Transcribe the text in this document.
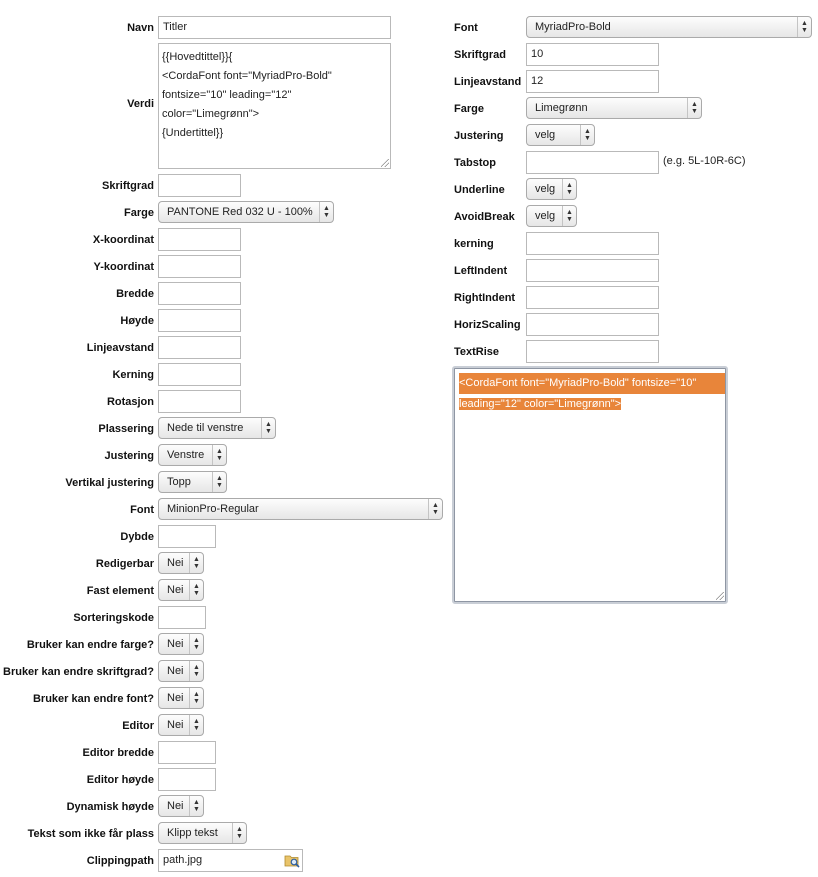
Navn Titler
Verdi
{{Hovedtittel}}{
<CordaFont font="MyriadPro-Bold"
fontsize="10" leading="12" color="Limegrønn">
{Undertittel}}
Skriftgrad
Farge	PANTONE Red 032 U - 100%	▲
▼
X-koordinat
Y-koordinat
Bredde
Høyde
Linjeavstand
Kerning
Rotasjon
Plassering	Nede til venstre	▲
▼
Justering	Venstre	▲
▼
Vertikal justering	Topp	▲
▼
Font	MinionPro-Regular	▲
▼
Dybde
Redigerbar	Nei	▲
▼
Fast element	Nei	▲
▼
Sorteringskode
Bruker kan endre farge?	Nei	▲
▼
Bruker kan endre skriftgrad?	Nei	▲
▼
Bruker kan endre font?	Nei	▲
▼
Editor	Nei	▲
▼
Editor bredde
Editor høyde
Dynamisk høyde	Nei	▲
▼
Tekst som ikke får plass	Klipp tekst	▲
▼
Clippingpath path.jpg
Font	MyriadPro-Bold	▲
▼
Skriftgrad	10
Linjeavstand 12
Farge	Limegrønn	▲
▼
Justering	velg	▲
▼
Tabstop	(e.g. 5L-10R-6C)
Underline	velg	▲
▼
AvoidBreak	velg	▲
▼
kerning
LeftIndent
RightIndent
HorizScaling
TextRise
<CordaFont font="MyriadPro-Bold" fontsize="10"
leading="12" color="Limegrønn">
